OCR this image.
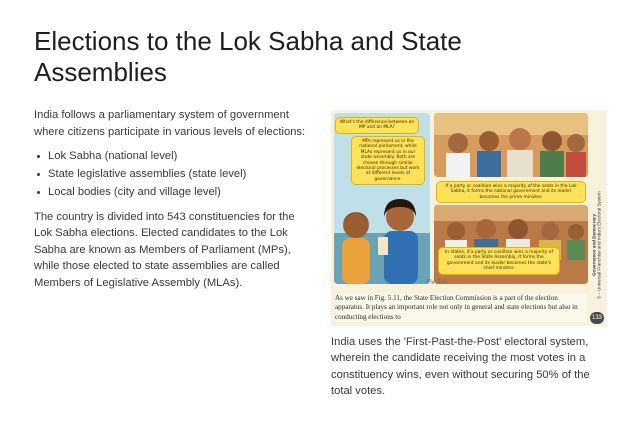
Elections to the Lok Sabha and State Assemblies

India follows a parliamentary system of government where citizens participate in various levels of elections:

Lok Sabha (national level)
State legislative assemblies (state level)
Local bodies (city and village level)

The country is divided into 543 constituencies for the Lok Sabha elections. Elected candidates to the Lok Sabha are known as Members of Parliament (MPs), while those elected to state assemblies are called Members of Legislative Assembly (MLAs).

What's the difference between an MP and an MLA?
MPs represent us in the national parliament, while MLAs represent us in our state assembly. Both are chosen through similar electoral processes but work at different levels of governance.
If a party or coalition wins a majority of the seats in the Lok Sabha, it forms the national government and its leader becomes the prime minister.
In states, if a party or coalition wins a majority of seats in the State Assembly, it forms the government and its leader becomes the state's chief minister.
Fig. 5.22

As we saw in Fig. 5.11, the State Election Commission is a part of the election apparatus. It plays an important role not only in general and state elections but also in conducting elections to

Governance and Democracy
5 – Universal Franchise and India's Electoral System
133

India uses the 'First-Past-the-Post' electoral system, wherein the candidate receiving the most votes in a constituency wins, even without securing 50% of the total votes.
